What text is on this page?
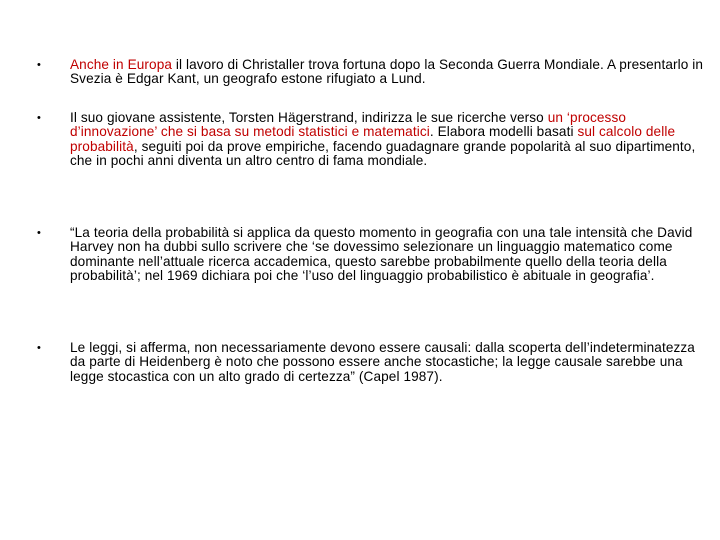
• Anche in Europa il lavoro di Christaller trova fortuna dopo la Seconda Guerra Mondiale. A presentarlo in Svezia è Edgar Kant, un geografo estone rifugiato a Lund.
• Il suo giovane assistente, Torsten Hägerstrand, indirizza le sue ricerche verso un ‘processo d’innovazione’ che si basa su metodi statistici e matematici. Elabora modelli basati sul calcolo delle probabilità, seguiti poi da prove empiriche, facendo guadagnare grande popolarità al suo dipartimento, che in pochi anni diventa un altro centro di fama mondiale.
• “La teoria della probabilità si applica da questo momento in geografia con una tale intensità che David Harvey non ha dubbi sullo scrivere che ‘se dovessimo selezionare un linguaggio matematico come dominante nell’attuale ricerca accademica, questo sarebbe probabilmente quello della teoria della probabilità’; nel 1969 dichiara poi che ‘l’uso del linguaggio probabilistico è abituale in geografia’.
• Le leggi, si afferma, non necessariamente devono essere causali: dalla scoperta dell’indeterminatezza da parte di Heidenberg è noto che possono essere anche stocastiche; la legge causale sarebbe una legge stocastica con un alto grado di certezza” (Capel 1987).
